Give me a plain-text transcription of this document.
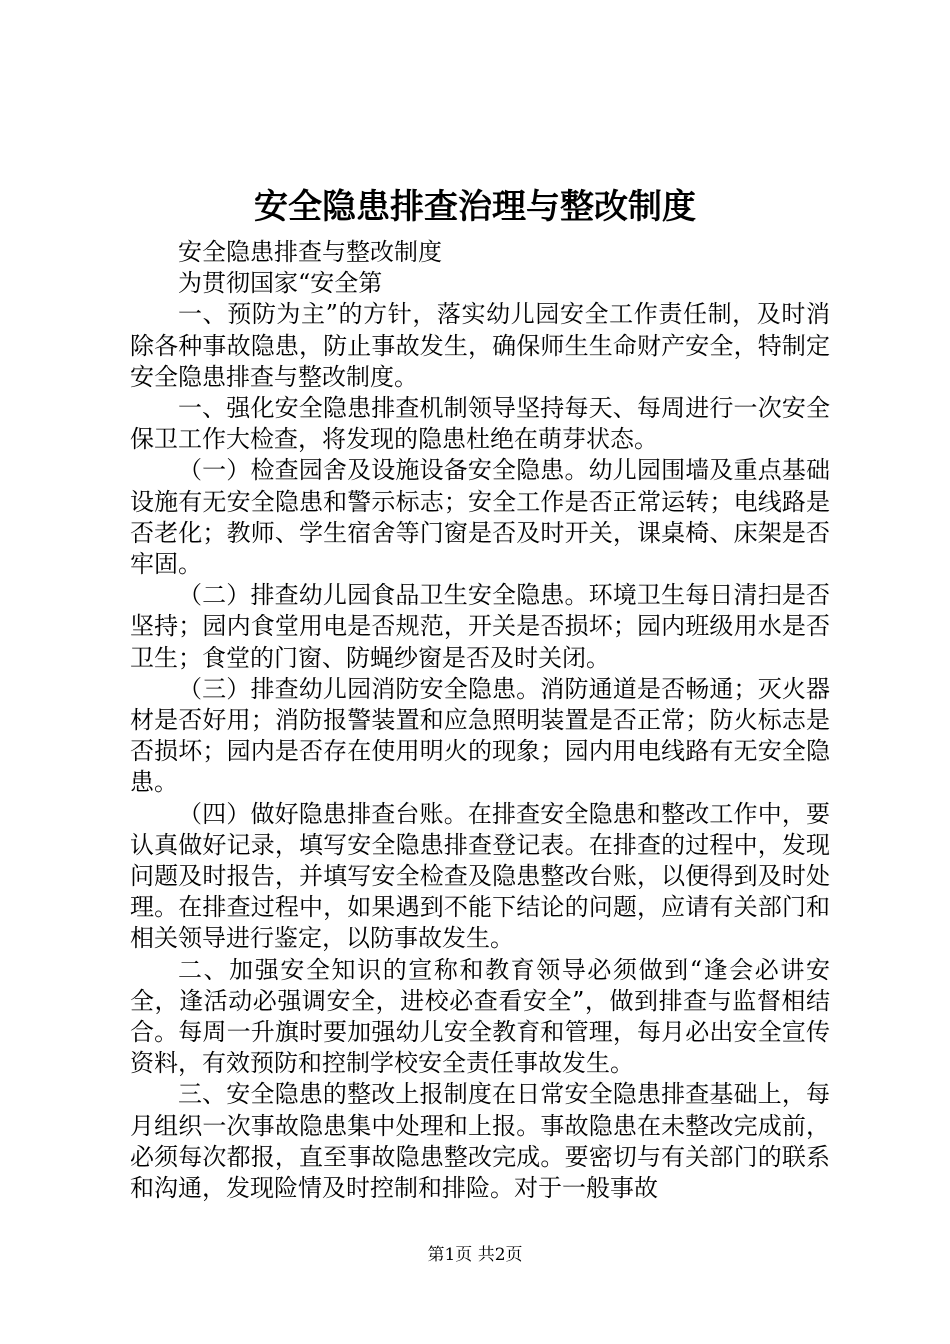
安全隐患排查治理与整改制度

安全隐患排查与整改制度

为贯彻国家“安全第

一、预防为主”的方针，落实幼儿园安全工作责任制，及时消除各种事故隐患，防止事故发生，确保师生生命财产安全，特制定安全隐患排查与整改制度。

一、强化安全隐患排查机制领导坚持每天、每周进行一次安全保卫工作大检查，将发现的隐患杜绝在萌芽状态。

（一）检查园舍及设施设备安全隐患。幼儿园围墙及重点基础设施有无安全隐患和警示标志；安全工作是否正常运转；电线路是否老化；教师、学生宿舍等门窗是否及时开关，课桌椅、床架是否牢固。

（二）排查幼儿园食品卫生安全隐患。环境卫生每日清扫是否坚持；园内食堂用电是否规范，开关是否损坏；园内班级用水是否卫生；食堂的门窗、防蝇纱窗是否及时关闭。

（三）排查幼儿园消防安全隐患。消防通道是否畅通；灭火器材是否好用；消防报警装置和应急照明装置是否正常；防火标志是否损坏；园内是否存在使用明火的现象；园内用电线路有无安全隐患。

（四）做好隐患排查台账。在排查安全隐患和整改工作中，要认真做好记录，填写安全隐患排查登记表。在排查的过程中，发现问题及时报告，并填写安全检查及隐患整改台账，以便得到及时处理。在排查过程中，如果遇到不能下结论的问题，应请有关部门和相关领导进行鉴定，以防事故发生。

二、加强安全知识的宣称和教育领导必须做到“逢会必讲安全，逢活动必强调安全，进校必查看安全”，做到排查与监督相结合。每周一升旗时要加强幼儿安全教育和管理，每月必出安全宣传资料，有效预防和控制学校安全责任事故发生。

三、安全隐患的整改上报制度在日常安全隐患排查基础上，每月组织一次事故隐患集中处理和上报。事故隐患在未整改完成前，必须每次都报，直至事故隐患整改完成。要密切与有关部门的联系和沟通，发现险情及时控制和排险。对于一般事故

第1页 共2页
